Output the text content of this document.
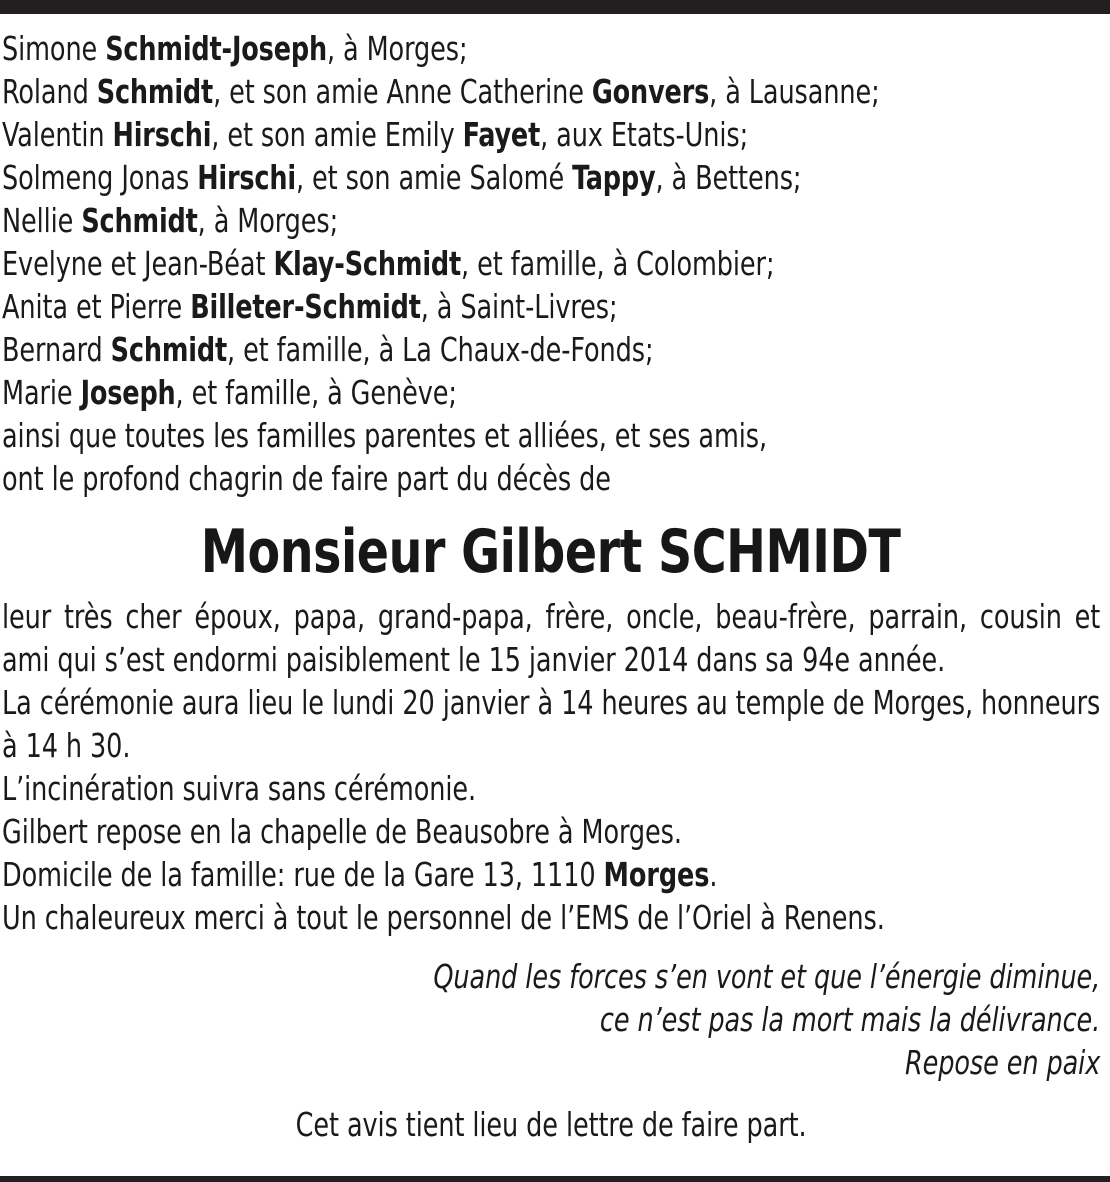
Simone Schmidt-Joseph, à Morges;
Roland Schmidt, et son amie Anne Catherine Gonvers, à Lausanne;
Valentin Hirschi, et son amie Emily Fayet, aux Etats-Unis;
Solmeng Jonas Hirschi, et son amie Salomé Tappy, à Bettens;
Nellie Schmidt, à Morges;
Evelyne et Jean-Béat Klay-Schmidt, et famille, à Colombier;
Anita et Pierre Billeter-Schmidt, à Saint-Livres;
Bernard Schmidt, et famille, à La Chaux-de-Fonds;
Marie Joseph, et famille, à Genève;
ainsi que toutes les familles parentes et alliées, et ses amis,
ont le profond chagrin de faire part du décès de
Monsieur Gilbert SCHMIDT
leur très cher époux, papa, grand-papa, frère, oncle, beau-frère, parrain, cousin et ami qui s’est endormi paisiblement le 15 janvier 2014 dans sa 94e année.
La cérémonie aura lieu le lundi 20 janvier à 14 heures au temple de Morges, honneurs à 14 h 30.
L’incinération suivra sans cérémonie.
Gilbert repose en la chapelle de Beausobre à Morges.
Domicile de la famille: rue de la Gare 13, 1110 Morges.
Un chaleureux merci à tout le personnel de l’EMS de l’Oriel à Renens.
Quand les forces s’en vont et que l’énergie diminue,
ce n’est pas la mort mais la délivrance.
Repose en paix
Cet avis tient lieu de lettre de faire part.
